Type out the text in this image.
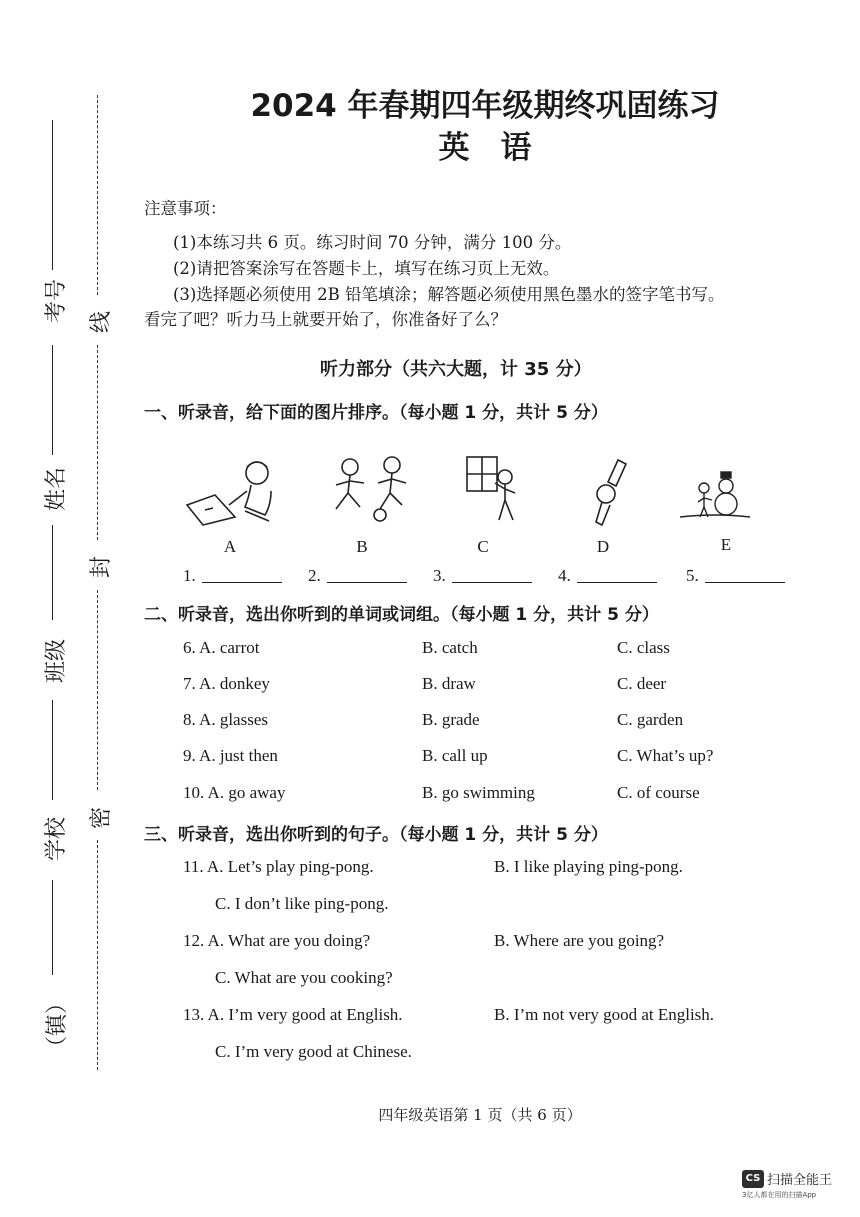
考号
姓名
班级
学校
（镇）
线
封
密
2024 年春期四年级期终巩固练习
英　语
注意事项：
(1)本练习共 6 页。练习时间 70 分钟，满分 100 分。
(2)请把答案涂写在答题卡上，填写在练习页上无效。
(3)选择题必须使用 2B 铅笔填涂；解答题必须使用黑色墨水的签字笔书写。
看完了吧？听力马上就要开始了，你准备好了么？
听力部分（共六大题，计 35 分）
一、听录音，给下面的图片排序。（每小题 1 分，共计 5 分）
A	B	C	D	E
1.	2.	3.	4.	5.
二、听录音，选出你听到的单词或词组。（每小题 1 分，共计 5 分）
6. A. carrot	B. catch	C. class
7. A. donkey	B. draw	C. deer
8. A. glasses	B. grade	C. garden
9. A. just then	B. call up	C. What’s up?
10. A. go away	B. go swimming	C. of course
三、听录音，选出你听到的句子。（每小题 1 分，共计 5 分）
11. A. Let’s play ping-pong.	B. I like playing ping-pong.
C. I don’t like ping-pong.
12. A. What are you doing?	B. Where are you going?
C. What are you cooking?
13. A. I’m very good at English.	B. I’m not very good at English.
C. I’m very good at Chinese.
四年级英语第 1 页（共 6 页）
CS 扫描全能王
3亿人都在用的扫描App
